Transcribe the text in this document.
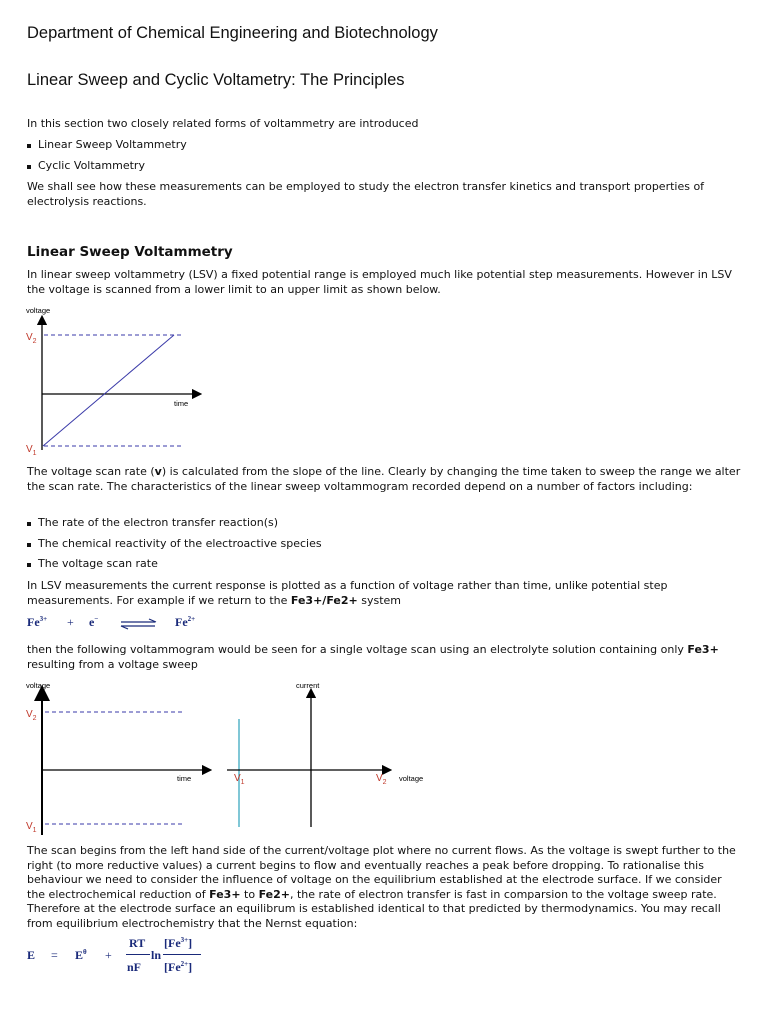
Department of Chemical Engineering and Biotechnology
Linear Sweep and Cyclic Voltametry: The Principles

In this section two closely related forms of voltammetry are introduced

Linear Sweep Voltammetry
Cyclic Voltammetry

We shall see how these measurements can be employed to study the electron transfer kinetics and transport properties of electrolysis reactions.

Linear Sweep Voltammetry

In linear sweep voltammetry (LSV) a fixed potential range is employed much like potential step measurements. However in LSV the voltage is scanned from a lower limit to an upper limit as shown below.

voltage
time
$V_2$
$V_1$

The voltage scan rate (v) is calculated from the slope of the line. Clearly by changing the time taken to sweep the range we alter the scan rate. The characteristics of the linear sweep voltammogram recorded depend on a number of factors including:

The rate of the electron transfer reaction(s)
The chemical reactivity of the electroactive species
The voltage scan rate

In LSV measurements the current response is plotted as a function of voltage rather than time, unlike potential step measurements. For example if we return to the Fe3+/Fe2+ system

$Fe^{3+} + e^-$ ⇌ $Fe^{2+}$

then the following voltammogram would be seen for a single voltage scan using an electrolyte solution containing only Fe3+ resulting from a voltage sweep

voltage
time
$V_2$
$V_1$
current
voltage
$V_1$	$V_2$

The scan begins from the left hand side of the current/voltage plot where no current flows. As the voltage is swept further to the right (to more reductive values) a current begins to flow and eventually reaches a peak before dropping. To rationalise this behaviour we need to consider the influence of voltage on the equilibrium established at the electrode surface. If we consider the electrochemical reduction of Fe3+ to Fe2+, the rate of electron transfer is fast in comparsion to the voltage sweep rate. Therefore at the electrode surface an equilibrum is established identical to that predicted by thermodynamics. You may recall from equilibrium electrochemistry that the Nernst equation:

$E = E^\theta$ +
RT
nF
ln
$[Fe^{3+}]$
$[Fe^{2+}]$
